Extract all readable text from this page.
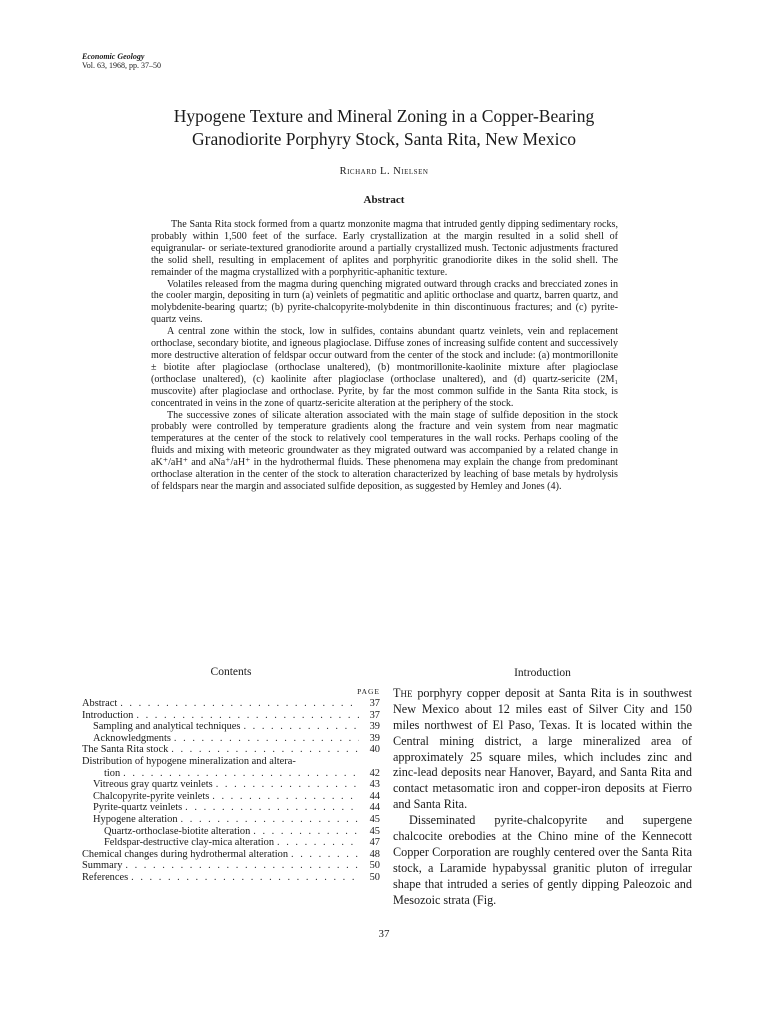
Economic Geology
Vol. 63, 1968, pp. 37–50
Hypogene Texture and Mineral Zoning in a Copper-Bearing
Granodiorite Porphyry Stock, Santa Rita, New Mexico
Richard L. Nielsen
Abstract

The Santa Rita stock formed from a quartz monzonite magma that intruded gently dipping sedimentary rocks, probably within 1,500 feet of the surface. Early crystallization at the margin resulted in a solid shell of equigranular- or seriate-textured granodiorite around a partially crystallized mush. Tectonic adjustments fractured the solid shell, resulting in emplacement of aplites and porphyritic granodiorite dikes in the solid shell. The remainder of the magma crystallized with a porphyritic-aphanitic texture.

Volatiles released from the magma during quenching migrated outward through cracks and brecciated zones in the cooler margin, depositing in turn (a) veinlets of pegmatitic and aplitic orthoclase and quartz, barren quartz, and molybdenite-bearing quartz; (b) pyrite-chalcopyrite-molybdenite in thin discontinuous fractures; and (c) pyrite-quartz veins.

A central zone within the stock, low in sulfides, contains abundant quartz veinlets, vein and replacement orthoclase, secondary biotite, and igneous plagioclase. Diffuse zones of increasing sulfide content and successively more destructive alteration of feldspar occur outward from the center of the stock and include: (a) montmorillonite ± biotite after plagioclase (orthoclase unaltered), (b) montmorillonite-kaolinite mixture after plagioclase (orthoclase unaltered), (c) kaolinite after plagioclase (orthoclase unaltered), and (d) quartz-sericite (2M₁ muscovite) after plagioclase and orthoclase. Pyrite, by far the most common sulfide in the Santa Rita stock, is concentrated in veins in the zone of quartz-sericite alteration at the periphery of the stock.

The successive zones of silicate alteration associated with the main stage of sulfide deposition in the stock probably were controlled by temperature gradients along the fracture and vein system from near magmatic temperatures at the center of the stock to relatively cool temperatures in the wall rocks. Perhaps cooling of the fluids and mixing with meteoric groundwater as they migrated outward was accompanied by a related change in aK⁺/aH⁺ and aNa⁺/aH⁺ in the hydrothermal fluids. These phenomena may explain the change from predominant orthoclase alteration in the center of the stock to alteration characterized by leaching of base metals by hydrolysis of feldspars near the margin and associated sulfide deposition, as suggested by Hemley and Jones (4).

Contents
PAGE
Abstract . . .	37
Introduction . . .	37
Sampling and analytical techniques . . .	39
Acknowledgments . . .	39
The Santa Rita stock . . .	40
Distribution of hypogene mineralization and altera-
tion . . .	42
Vitreous gray quartz veinlets . . .	43
Chalcopyrite-pyrite veinlets . . .	44
Pyrite-quartz veinlets . . .	44
Hypogene alteration . . .	45
Quartz-orthoclase-biotite alteration . . .	45
Feldspar-destructive clay-mica alteration . . .	47
Chemical changes during hydrothermal alteration . . .	48
Summary . . .	50
References . . .	50
Introduction

The porphyry copper deposit at Santa Rita is in southwest New Mexico about 12 miles east of Silver City and 150 miles northwest of El Paso, Texas. It is located within the Central mining district, a large mineralized area of approximately 25 square miles, which includes zinc and zinc-lead deposits near Hanover, Bayard, and Santa Rita and contact metasomatic iron and copper-iron deposits at Fierro and Santa Rita.

Disseminated pyrite-chalcopyrite and supergene chalcocite orebodies at the Chino mine of the Kennecott Copper Corporation are roughly centered over the Santa Rita stock, a Laramide hypabyssal granitic pluton of irregular shape that intruded a series of gently dipping Paleozoic and Mesozoic strata (Fig.

37
